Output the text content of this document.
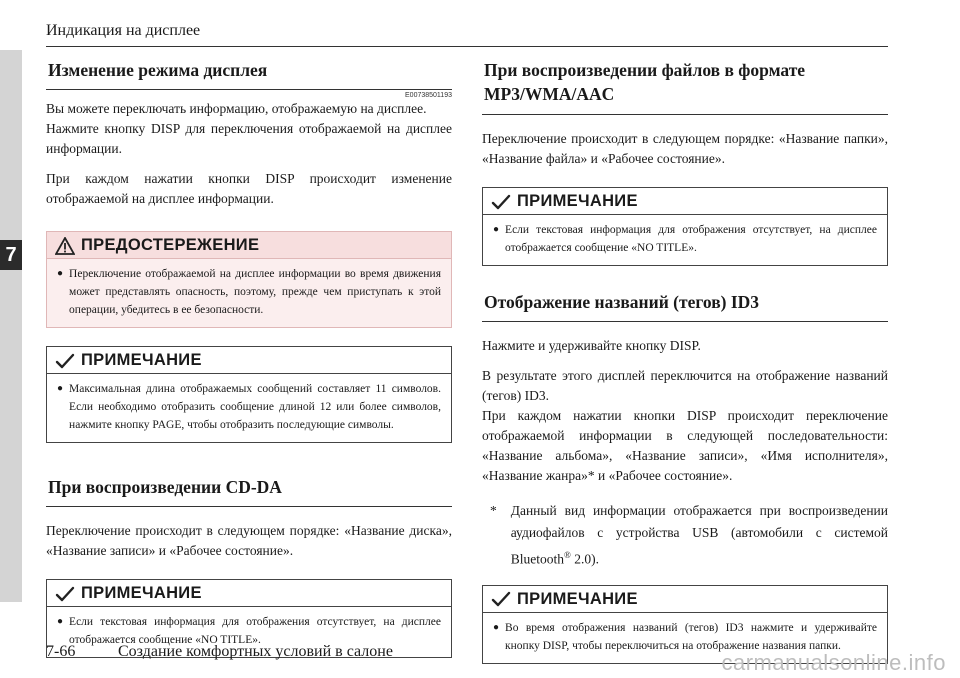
7
Индикация на дисплее
Изменение режима дисплея
E00738501193
Вы можете переключать информацию, отображаемую на дисплее.
Нажмите кнопку DISP для переключения отображаемой на дисплее информации.
При каждом нажатии кнопки DISP происходит изменение отображаемой на дисплее информации.
ПРЕДОСТЕРЕЖЕНИЕ
● Переключение отображаемой на дисплее информации во время движения может представлять опасность, поэтому, прежде чем приступать к этой операции, убедитесь в ее безопасности.
ПРИМЕЧАНИЕ
● Максимальная длина отображаемых сообщений составляет 11 символов. Если необходимо отобразить сообщение длиной 12 или более символов, нажмите кнопку PAGE, чтобы отобразить последующие символы.
При воспроизведении CD-DA
Переключение происходит в следующем порядке: «Название диска», «Название записи» и «Рабочее состояние».
ПРИМЕЧАНИЕ
● Если текстовая информация для отображения отсутствует, на дисплее отображается сообщение «NO TITLE».
При воспроизведении файлов в формате
MP3/WMA/AAC
Переключение происходит в следующем порядке: «Название папки», «Название файла» и «Рабочее состояние».
ПРИМЕЧАНИЕ
● Если текстовая информация для отображения отсутствует, на дисплее отображается сообщение «NO TITLE».
Отображение названий (тегов) ID3
Нажмите и удерживайте кнопку DISP.
В результате этого дисплей переключится на отображение названий (тегов) ID3.
При каждом нажатии кнопки DISP происходит переключение отображаемой информации в следующей последовательности: «Название альбома», «Название записи», «Имя исполнителя», «Название жанра»* и «Рабочее состояние».
* Данный вид информации отображается при воспроизведении аудиофайлов с устройства USB (автомобили с системой Bluetooth® 2.0).
ПРИМЕЧАНИЕ
● Во время отображения названий (тегов) ID3 нажмите и удерживайте кнопку DISP, чтобы переключиться на отображение названия папки.
7-66	Создание комфортных условий в салоне	carmanualsonline.info
